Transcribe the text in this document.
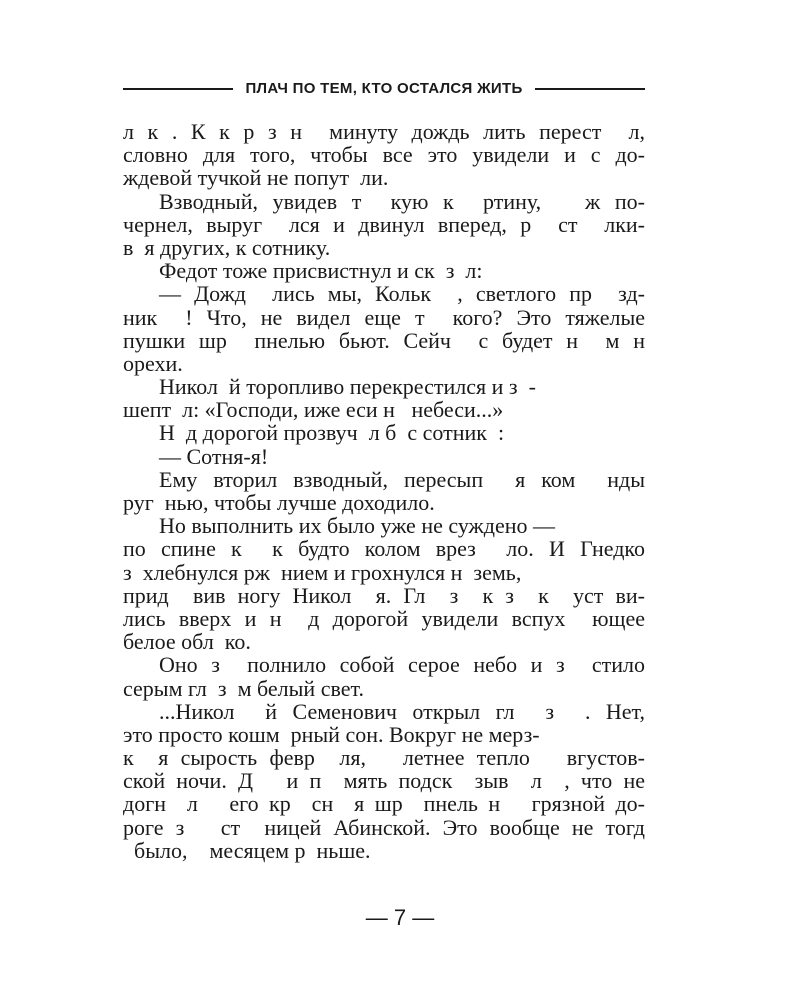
ПЛАЧ ПО ТЕМ, КТО ОСТАЛСЯ ЖИТЬ
л к . К к р з н  минуту дождь лить перест  л,
словно для того, чтобы все это увидели и с до-
ждевой тучкой не попут  ли.
Взводный, увидев т  кую к  ртину,   ж по-
чернел, выруг  лся и двинул вперед, р  ст  лки-
в  я других, к сотнику.
Федот тоже присвистнул и ск  з  л:
— Дожд  лись мы, Кольк  , светлого пр  зд-
ник  ! Что, не видел еще т  кого? Это тяжелые
пушки шр  пнелью бьют. Сейч  с будет н  м н
орехи.
Никол  й торопливо перекрестился и з  -
шепт  л: «Господи, иже еси н   небеси...»
Н  д дорогой прозвуч  л б  с сотник  :
— Сотня-я!
Ему вторил взводный, пересып  я ком  нды
руг  нью, чтобы лучше доходило.
Но выполнить их было уже не суждено —
по спине к  к будто колом врез  ло. И Гнедко
з  хлебнулся рж  нием и грохнулся н  земь,
прид  вив ногу Никол  я. Гл  з  к з  к  уст ви-
лись вверх и н  д дорогой увидели вспух  ющее
белое обл  ко.
Оно з  полнило собой серое небо и з  стило
серым гл  з  м белый свет.
...Никол  й Семенович открыл гл  з  . Нет,
это просто кошм  рный сон. Вокруг не мерз-
к  я сырость февр  ля,   летнее тепло   вгустов-
ской ночи. Д   и п  мять подск  зыв  л  , что не
догн  л   его кр  сн  я шр  пнель н   грязной до-
роге з   ст  ницей Абинской. Это вообще не тогд
было,    месяцем р  ньше.
— 7 —
